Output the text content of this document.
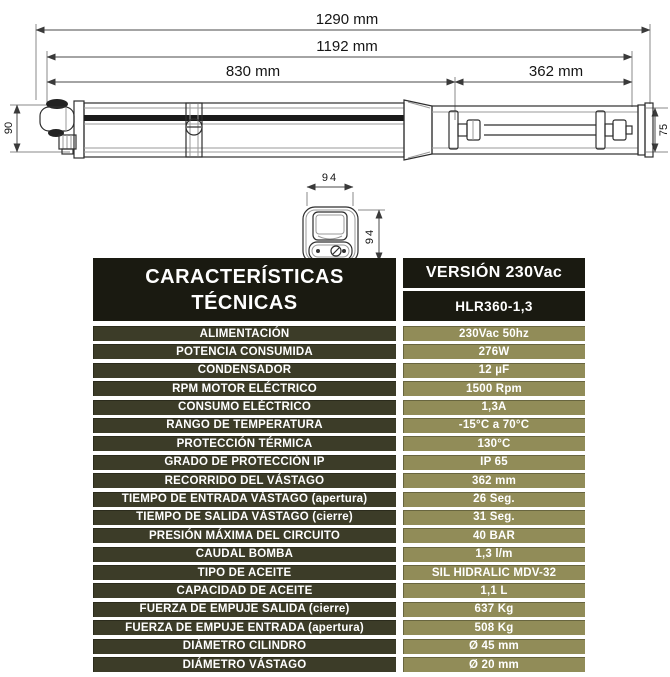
1290 mm
1192 mm
830 mm	362 mm
90	75
94
94
CARACTERÍSTICAS TÉCNICAS
VERSIÓN 230Vac
HLR360-1,3
ALIMENTACIÓN	230Vac 50hz
POTENCIA CONSUMIDA	276W
CONDENSADOR	12 µF
RPM MOTOR ELÉCTRICO	1500 Rpm
CONSUMO ELÉCTRICO	1,3A
RANGO DE TEMPERATURA	-15°C a 70°C
PROTECCIÓN TÉRMICA	130°C
GRADO DE PROTECCIÓN IP	IP 65
RECORRIDO DEL VÁSTAGO	362 mm
TIEMPO DE ENTRADA VÁSTAGO (apertura)	26 Seg.
TIEMPO DE SALIDA VÁSTAGO (cierre)	31 Seg.
PRESIÓN MÁXIMA DEL CIRCUITO	40 BAR
CAUDAL BOMBA	1,3 l/m
TIPO DE ACEITE	SIL HIDRALIC MDV-32
CAPACIDAD DE ACEITE	1,1 L
FUERZA DE EMPUJE SALIDA (cierre)	637 Kg
FUERZA DE EMPUJE ENTRADA (apertura)	508 Kg
DIÁMETRO CILINDRO	Ø 45 mm
DIÁMETRO VÁSTAGO	Ø 20 mm
